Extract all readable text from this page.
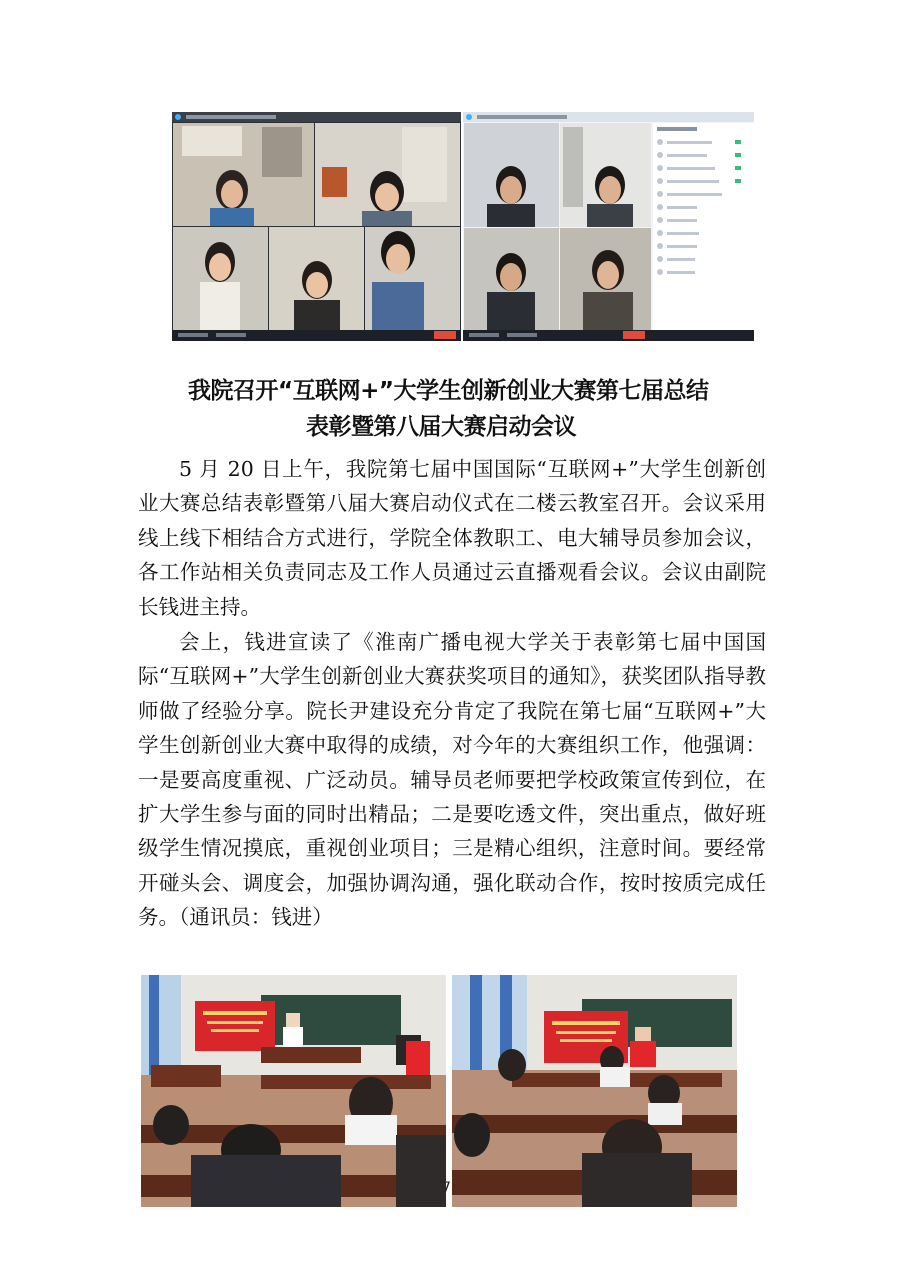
我院召开“互联网+”大学生创新创业大赛第七届总结
表彰暨第八届大赛启动会议

5 月 20 日上午，我院第七届中国国际“互联网+”大学生创新创业大赛总结表彰暨第八届大赛启动仪式在二楼云教室召开。会议采用线上线下相结合方式进行，学院全体教职工、电大辅导员参加会议，各工作站相关负责同志及工作人员通过云直播观看会议。会议由副院长钱进主持。

会上，钱进宣读了《淮南广播电视大学关于表彰第七届中国国际“互联网+”大学生创新创业大赛获奖项目的通知》，获奖团队指导教师做了经验分享。院长尹建设充分肯定了我院在第七届“互联网+”大学生创新创业大赛中取得的成绩，对今年的大赛组织工作，他强调：一是要高度重视、广泛动员。辅导员老师要把学校政策宣传到位，在扩大学生参与面的同时出精品；二是要吃透文件，突出重点，做好班级学生情况摸底，重视创业项目；三是精心组织，注意时间。要经常开碰头会、调度会，加强协调沟通，强化联动合作，按时按质完成任务。（通讯员：钱进）

7
